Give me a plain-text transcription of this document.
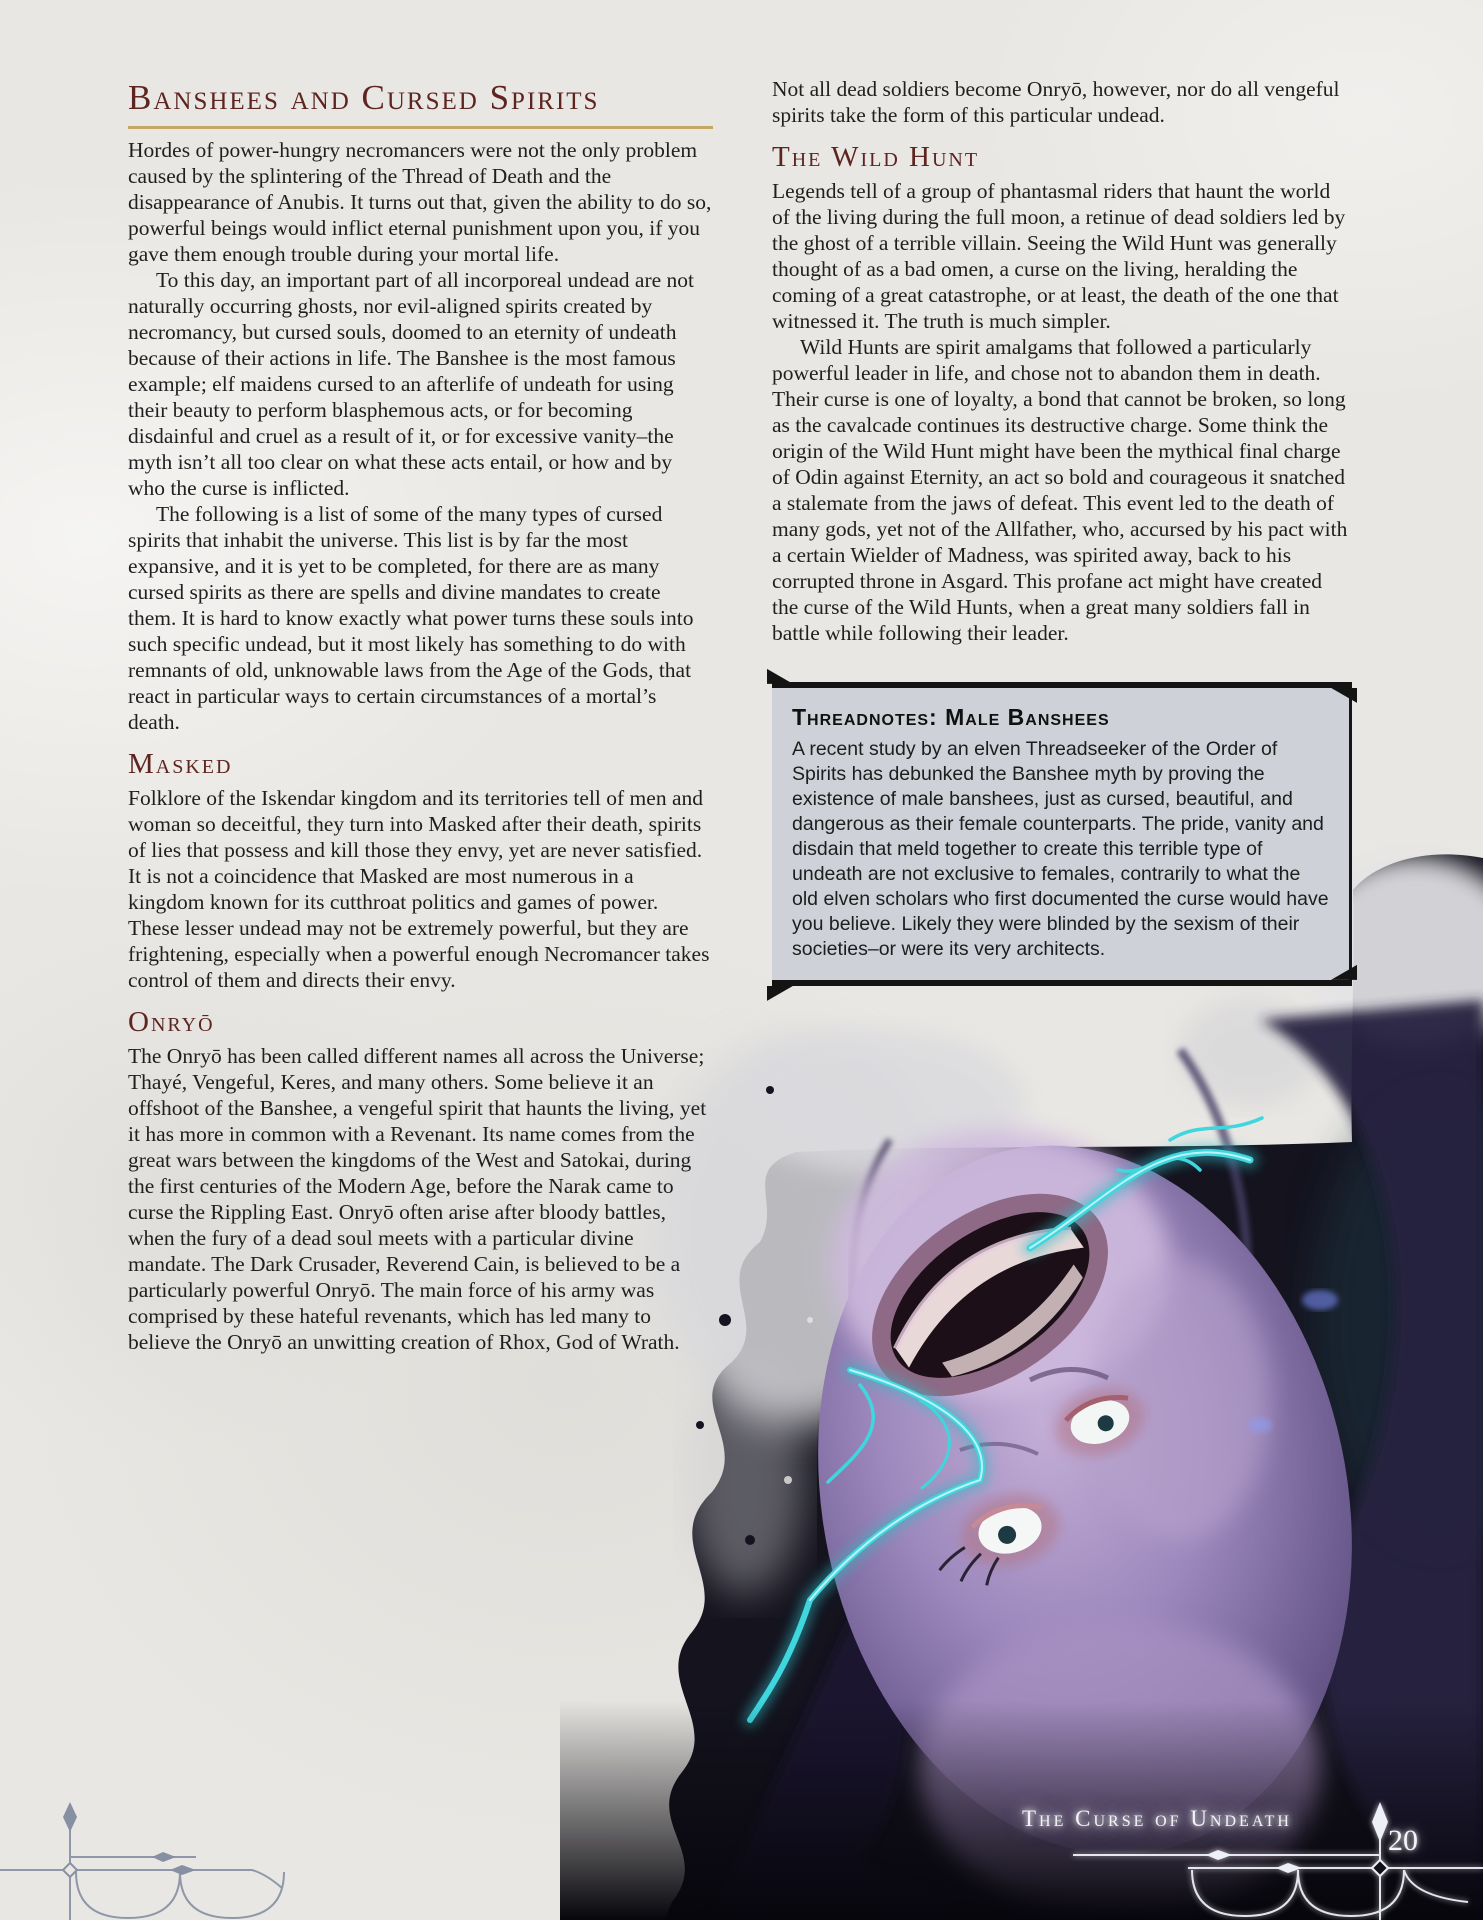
Banshees and Cursed Spirits

Hordes of power-hungry necromancers were not the only problem caused by the splintering of the Thread of Death and the disappearance of Anubis. It turns out that, given the ability to do so, powerful beings would inflict eternal punishment upon you, if you gave them enough trouble during your mortal life.

To this day, an important part of all incorporeal undead are not naturally occurring ghosts, nor evil-aligned spirits created by necromancy, but cursed souls, doomed to an eternity of undeath because of their actions in life. The Banshee is the most famous example; elf maidens cursed to an afterlife of undeath for using their beauty to perform blasphemous acts, or for becoming disdainful and cruel as a result of it, or for excessive vanity–the myth isn’t all too clear on what these acts entail, or how and by who the curse is inflicted.

The following is a list of some of the many types of cursed spirits that inhabit the universe. This list is by far the most expansive, and it is yet to be completed, for there are as many cursed spirits as there are spells and divine mandates to create them. It is hard to know exactly what power turns these souls into such specific undead, but it most likely has something to do with remnants of old, unknowable laws from the Age of the Gods, that react in particular ways to certain circumstances of a mortal’s death.

Masked

Folklore of the Iskendar kingdom and its territories tell of men and woman so deceitful, they turn into Masked after their death, spirits of lies that possess and kill those they envy, yet are never satisfied. It is not a coincidence that Masked are most numerous in a kingdom known for its cutthroat politics and games of power. These lesser undead may not be extremely powerful, but they are frightening, especially when a powerful enough Necromancer takes control of them and directs their envy.

Onryō

The Onryō has been called different names all across the Universe; Thayé, Vengeful, Keres, and many others. Some believe it an offshoot of the Banshee, a vengeful spirit that haunts the living, yet it has more in common with a Revenant. Its name comes from the great wars between the kingdoms of the West and Satokai, during the first centuries of the Modern Age, before the Narak came to curse the Rippling East. Onryō often arise after bloody battles, when the fury of a dead soul meets with a particular divine mandate. The Dark Crusader, Reverend Cain, is believed to be a particularly powerful Onryō. The main force of his army was comprised by these hateful revenants, which has led many to believe the Onryō an unwitting creation of Rhox, God of Wrath.

Not all dead soldiers become Onryō, however, nor do all vengeful spirits take the form of this particular undead.

The Wild Hunt

Legends tell of a group of phantasmal riders that haunt the world of the living during the full moon, a retinue of dead soldiers led by the ghost of a terrible villain. Seeing the Wild Hunt was generally thought of as a bad omen, a curse on the living, heralding the coming of a great catastrophe, or at least, the death of the one that witnessed it. The truth is much simpler.

Wild Hunts are spirit amalgams that followed a particularly powerful leader in life, and chose not to abandon them in death. Their curse is one of loyalty, a bond that cannot be broken, so long as the cavalcade continues its destructive charge. Some think the origin of the Wild Hunt might have been the mythical final charge of Odin against Eternity, an act so bold and courageous it snatched a stalemate from the jaws of defeat. This event led to the death of many gods, yet not of the Allfather, who, accursed by his pact with a certain Wielder of Madness, was spirited away, back to his corrupted throne in Asgard. This profane act might have created the curse of the Wild Hunts, when a great many soldiers fall in battle while following their leader.

Threadnotes: Male Banshees

A recent study by an elven Threadseeker of the Order of Spirits has debunked the Banshee myth by proving the existence of male banshees, just as cursed, beautiful, and dangerous as their female counterparts. The pride, vanity and disdain that meld together to create this terrible type of undeath are not exclusive to females, contrarily to what the old elven scholars who first documented the curse would have you believe. Likely they were blinded by the sexism of their societies–or were its very architects.

The Curse of Undeath
20
